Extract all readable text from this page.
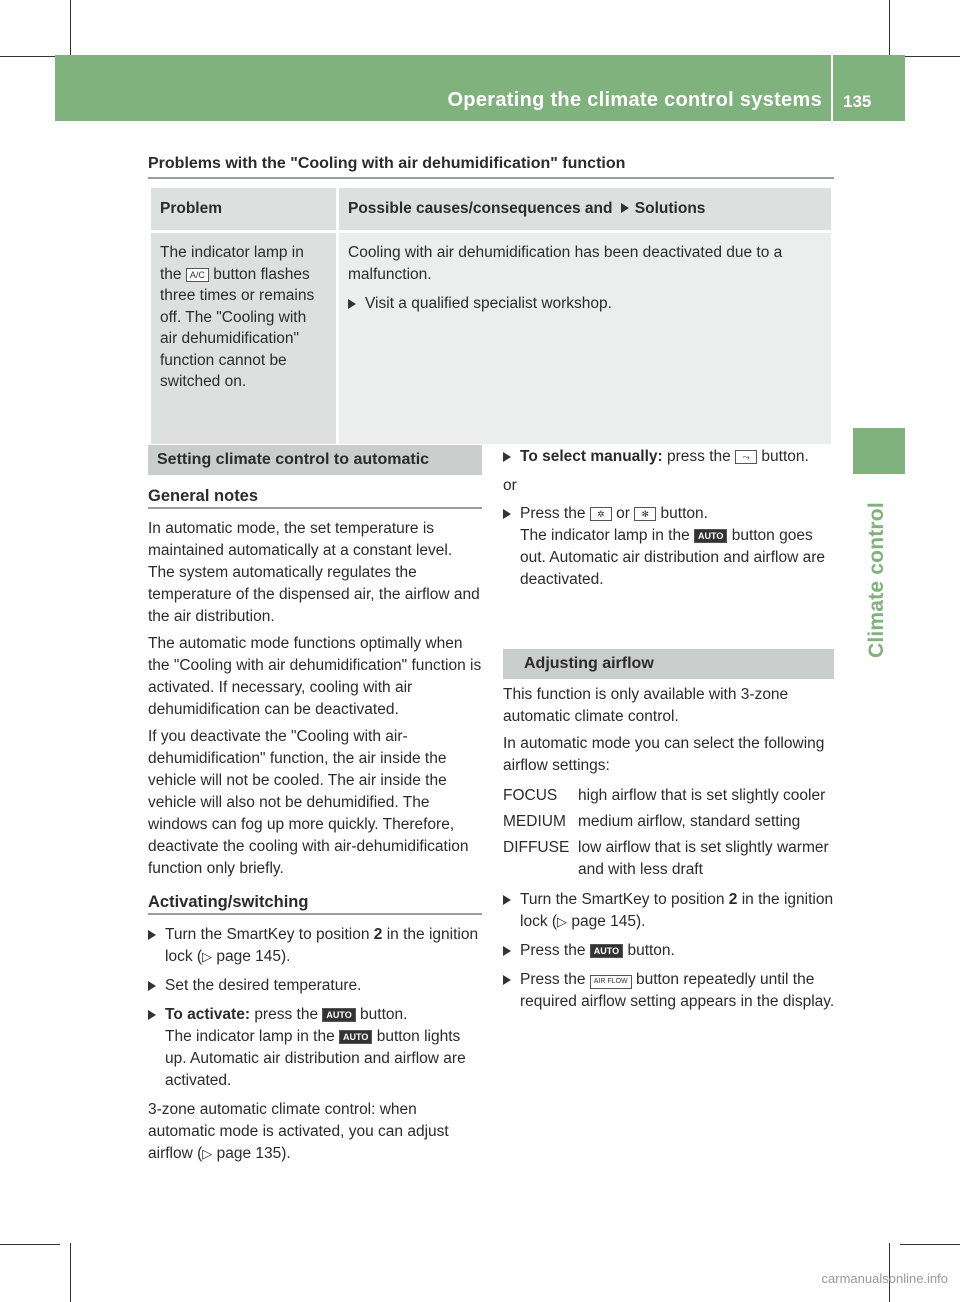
Operating the climate control systems 135
Climate control
Problems with the "Cooling with air dehumidification" function
Problem	Possible causes/consequences and Solutions
The indicator lamp in the A/C button flashes three times or remains off. The "Cooling with air dehumidification" function cannot be switched on.	Cooling with air dehumidification has been deactivated due to a malfunction.
Visit a qualified specialist workshop.
Setting climate control to automatic
General notes

In automatic mode, the set temperature is maintained automatically at a constant level. The system automatically regulates the temperature of the dispensed air, the airflow and the air distribution.

The automatic mode functions optimally when the "Cooling with air dehumidification" function is activated. If necessary, cooling with air dehumidification can be deactivated.

If you deactivate the "Cooling with air-dehumidification" function, the air inside the vehicle will not be cooled. The air inside the vehicle will also not be dehumidified. The windows can fog up more quickly. Therefore, deactivate the cooling with air-dehumidification function only briefly.

Activating/switching
Turn the SmartKey to position 2 in the ignition lock (▷ page 145).
Set the desired temperature.
To activate: press the AUTO button.
The indicator lamp in the AUTO button lights up. Automatic air distribution and airflow are activated.

3-zone automatic climate control: when automatic mode is activated, you can adjust airflow (▷ page 135).

To select manually: press the ⤳ button.

or

Press the ✲ or ✻ button.
The indicator lamp in the AUTO button goes out. Automatic air distribution and airflow are deactivated.
Adjusting airflow

This function is only available with 3-zone automatic climate control.

In automatic mode you can select the following airflow settings:

FOCUS	high airflow that is set slightly cooler
MEDIUM medium airflow, standard setting
DIFFUSE low airflow that is set slightly warmer and with less draft
Turn the SmartKey to position 2 in the ignition lock (▷ page 145).
Press the AUTO button.
Press the AIR FLOW button repeatedly until the required airflow setting appears in the display.
carmanualsonline.info
